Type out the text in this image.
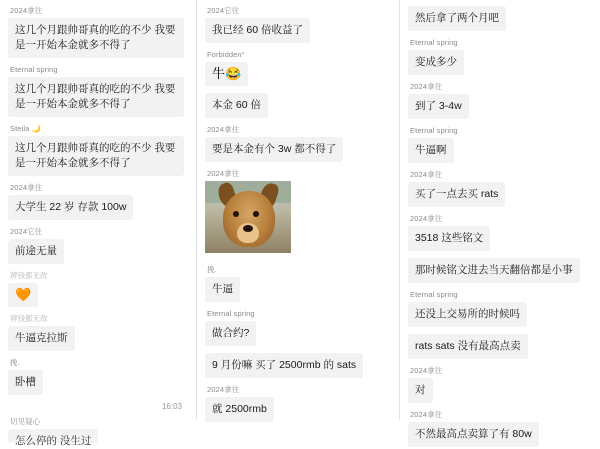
2024拿住
这几个月跟帅哥真的吃的不少 我要是一开始本金就多不得了
Eternal spring
这几个月跟帅哥真的吃的不少 我要是一开始本金就多不得了
Steila 🌙
这几个月跟帅哥真的吃的不少 我要是一开始本金就多不得了
2024拿住
大学生 22 岁 存款 100w
2024它住
前途无量
辨钱都无敌
🧡
辨钱都无敌
牛逼克拉斯
挽.
卧槽
16:03
切见疑心
怎么停的 没生过
2024它住
我已经 60 倍收益了
Forbidden°
牛😂
本金 60 倍
2024拿住
要是本金有个 3w 都不得了
2024拿住
挽.
牛逼
Eternal spring
做合约?
9 月份嘛 买了 2500rmb 的 sats
2024拿住
就 2500rmb
然后拿了两个月吧
Eternal spring
变成多少
2024拿住
到了 3-4w
Eternal spring
牛逼啊
2024拿住
买了一点去买 rats
2024拿住
3518 这些铭文
那时候铭文进去当天翻倍都是小事
Eternal spring
还没上交易所的时候吗
rats sats 没有最高点卖
2024拿住
对
2024拿住
不然最高点卖算了有 80w
